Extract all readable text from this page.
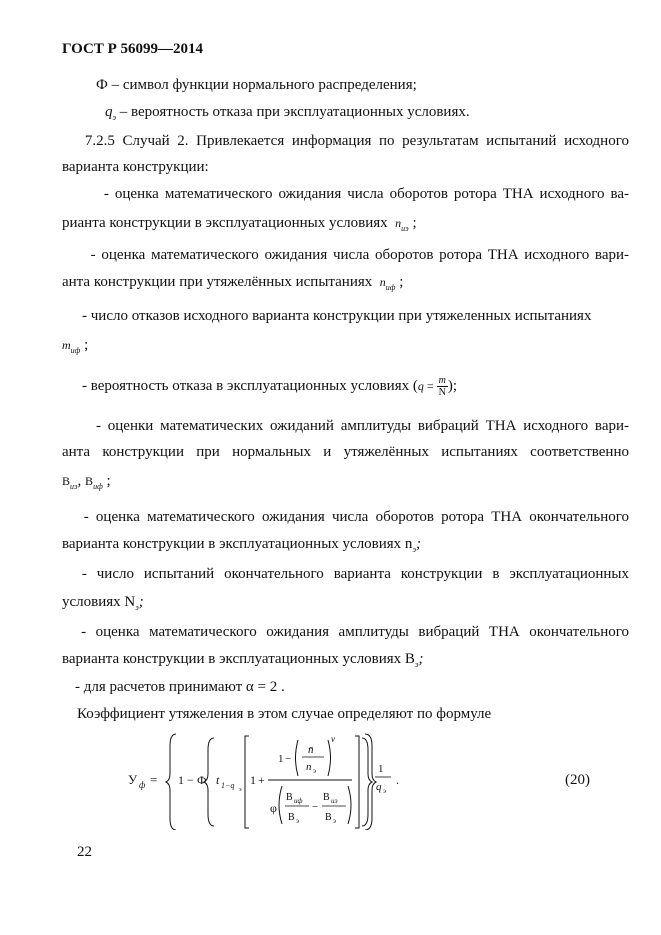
ГОСТ Р 56099—2014
Ф – символ функции нормального распределения;
$q_э$ – вероятность отказа при эксплуатационных условиях.
7.2.5 Случай 2. Привлекается информация по результатам испытаний исходного
варианта конструкции:
- оценка математического ожидания числа оборотов ротора ТНА исходного ва-
рианта конструкции в эксплуатационных условиях $n_{uэ}$ ;
- оценка математического ожидания числа оборотов ротора ТНА исходного вари-
анта конструкции при утяжелённых испытаниях $n_{uф}$ ;
- число отказов исходного варианта конструкции при утяжеленных испытаниях
$m_{uф}$ ;
- вероятность отказа в эксплуатационных условиях ($q = \frac{m}{N}$ );
- оценки математических ожиданий амплитуды вибраций ТНА исходного вари-
анта конструкции при нормальных и утяжелённых испытаниях соответственно
$B_{uэ}$, $B_{uф}$ ;
- оценка математического ожидания числа оборотов ротора ТНА окончательного
варианта конструкции в эксплуатационных условиях $n_э$;
- число испытаний окончательного варианта конструкции в эксплуатационных
условиях $N_э$;
- оценка математического ожидания амплитуды вибраций ТНА окончательного
варианта конструкции в эксплуатационных условиях $B_э$;
- для расчетов принимают α = 2 .
Коэффициент утяжеления в этом случае определяют по формуле
У ф = 1 − Ф t 1−q э
1 +
1 −
n̄
n э
ν
φ
B uф
B э
−
B uэ
B э
1
q э
.	(20)
22
